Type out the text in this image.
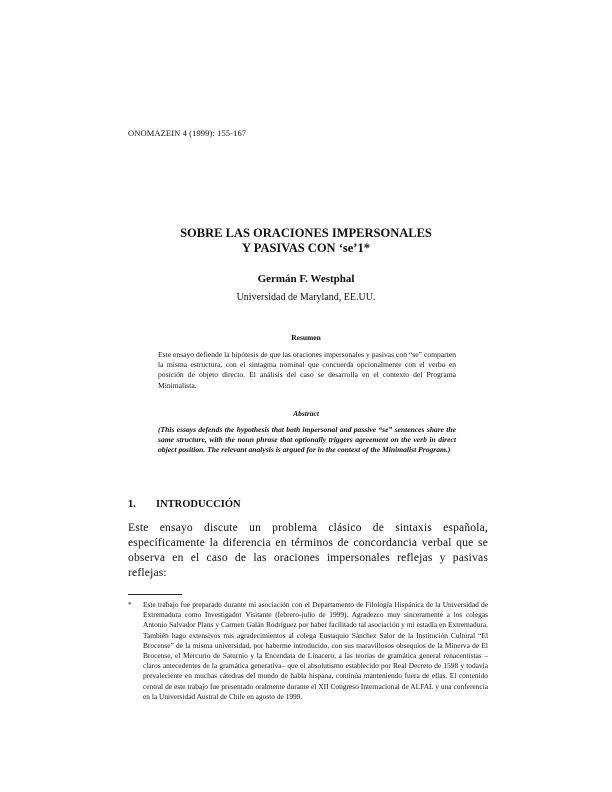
ONOMAZEIN 4 (1999): 155-167
SOBRE LAS ORACIONES IMPERSONALES
Y PASIVAS CON ‘se’1*
Germán F. Westphal
Universidad de Maryland, EE.UU.
Resumen
Este ensayo defiende la hipótesis de que las oraciones impersonales y pasivas con “se” comparten la misma estructura, con el sintagma nominal que concuerda opcionalmente con el verbo en posición de objeto directo. El análisis del caso se desarrolla en el contexto del Programa Minimalista.
Abstract
(This essays defends the hypothesis that both impersonal and passive “se” sentences share the same structure, with the noun phrase that optionally triggers agreement on the verb in direct object position. The relevant analysis is argued for in the context of the Minimalist Program.)
1. INTRODUCCIÓN
Este ensayo discute un problema clásico de sintaxis española, específicamente la diferencia en términos de concordancia verbal que se observa en el caso de las oraciones impersonales reflejas y pasivas reflejas:
* Este trabajo fue preparado durante mi asociación con el Departamento de Filología Hispánica de la Universidad de Extremadura como Investigador Visitante (febrero-julio de 1999). Agradezco muy sinceramente a los colegas Antonio Salvador Plans y Carmen Galán Rodríguez por haber facilitado tal asociación y mi estadía en Extremadura. También hago extensivos mis agradecimientos al colega Eustaquio Sánchez Salor de la Institución Cultural “El Brocense” de la misma universidad, por haberme introducido, con sus maravillosos obsequios de la Minerva de El Brocense, el Mercurio de Saturnio y la Encendata de Linacero, a las teorías de gramática general renacentistas –claros antecedentes de la gramática generativa– que el absolutismo establecido por Real Decreto de 1598 y todavía prevaleciente en muchas cátedras del mundo de habla hispana, continúa manteniendo fuera de ellas. El contenido central de este trabajo fue presentado oralmente durante el XII Congreso Internacional de ALFAL y una conferencia en la Universidad Austral de Chile en agosto de 1999.
